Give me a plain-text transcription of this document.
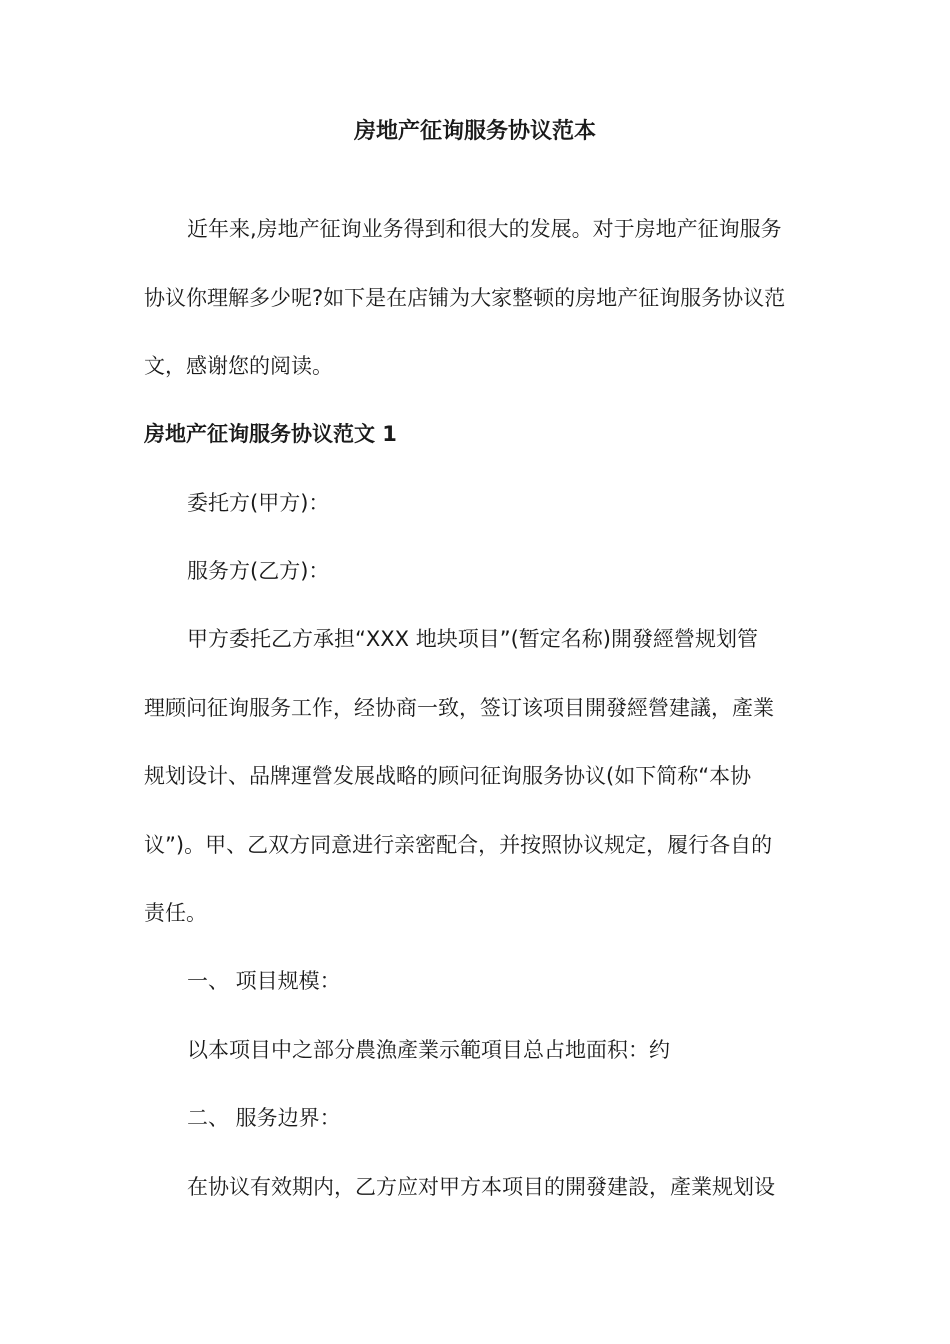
房地产征询服务协议范本

近年来,房地产征询业务得到和很大的发展。对于房地产征询服务

协议你理解多少呢?如下是在店铺为大家整顿的房地产征询服务协议范

文，感谢您的阅读。

房地产征询服务协议范文 1

委托方(甲方)：

服务方(乙方)：

甲方委托乙方承担“XXX 地块项目”(暂定名称)開發經營规划管

理顾问征询服务工作，经协商一致，签订该项目開發經營建議，產業

规划设计、品牌運營发展战略的顾问征询服务协议(如下简称“本协

议”)。甲、乙双方同意进行亲密配合，并按照协议规定，履行各自的

责任。

一、 项目规模：

以本项目中之部分農漁產業示範項目总占地面积：约

二、 服务边界：

在协议有效期内，乙方应对甲方本项目的開發建設，產業规划设
